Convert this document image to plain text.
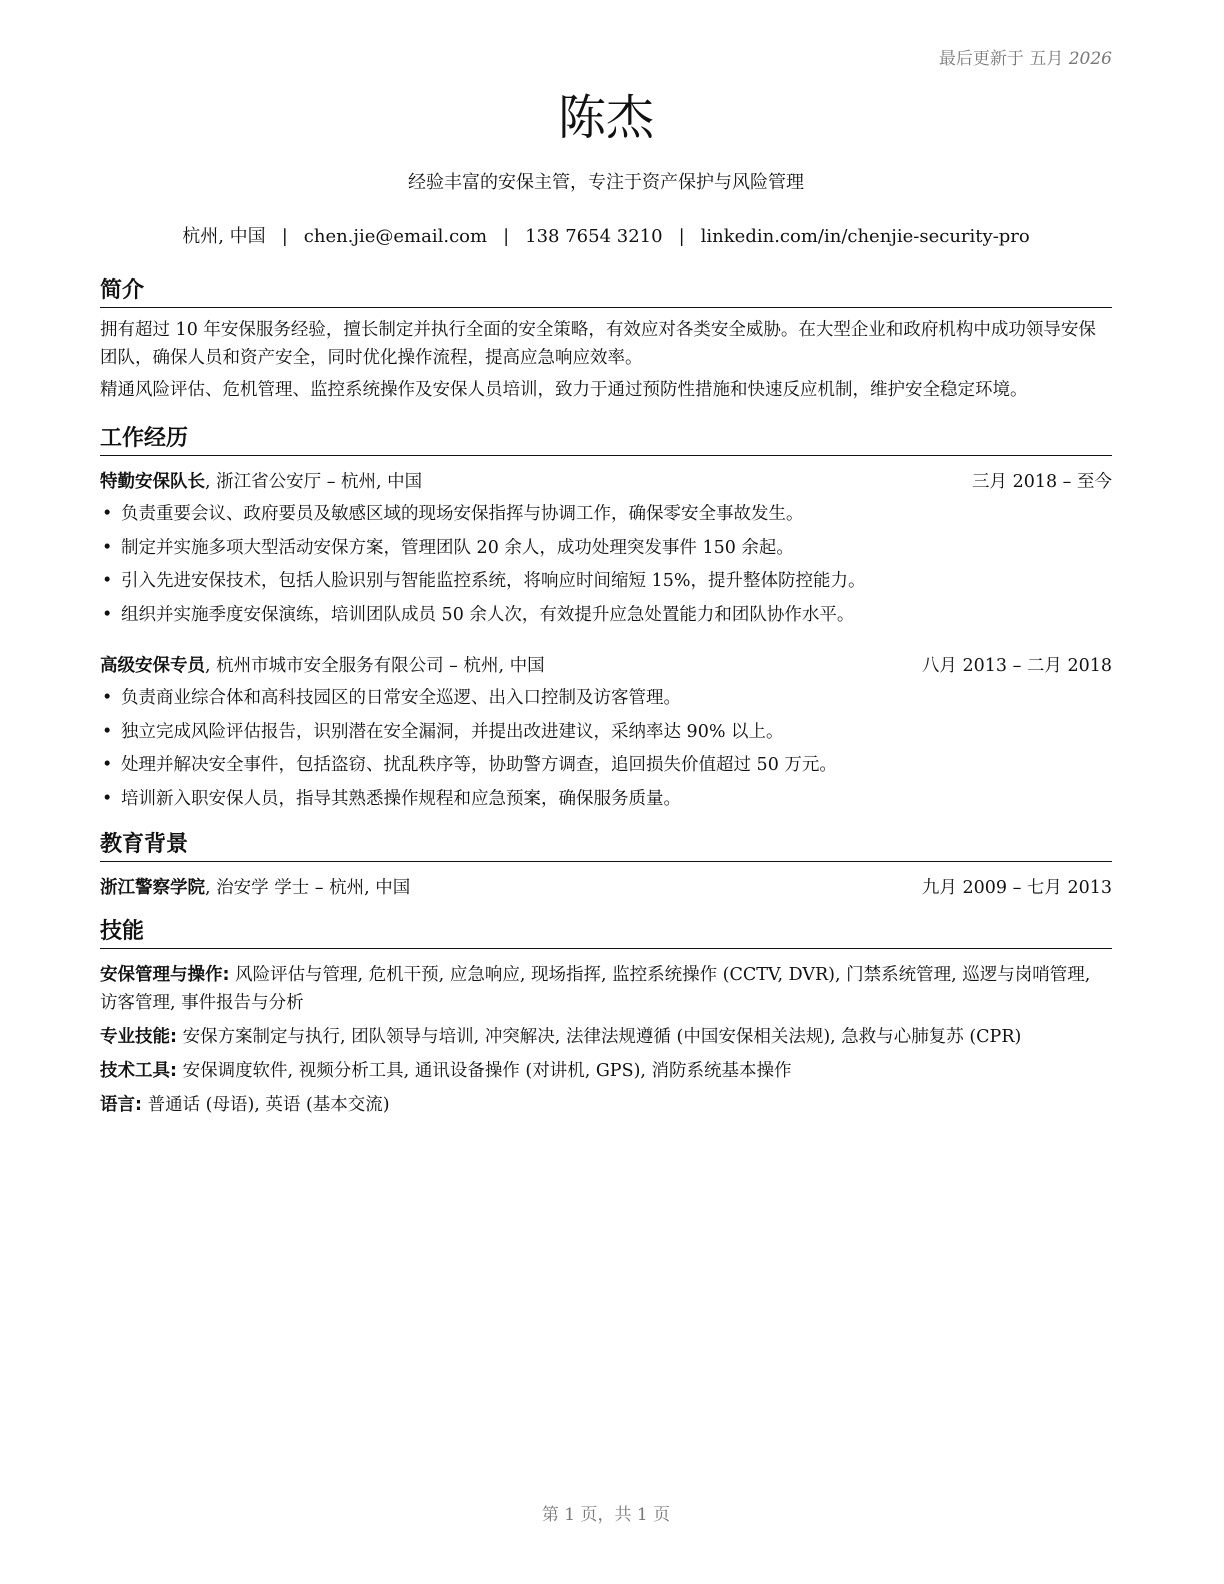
最后更新于 五月 2026
陈杰
经验丰富的安保主管，专注于资产保护与风险管理
杭州, 中国 | chen.jie@email.com | 138 7654 3210 | linkedin.com/in/chenjie-security-pro
简介

拥有超过 10 年安保服务经验，擅长制定并执行全面的安全策略，有效应对各类安全威胁。在大型企业和政府机构中成功领导安保团队，确保人员和资产安全，同时优化操作流程，提高应急响应效率。

精通风险评估、危机管理、监控系统操作及安保人员培训，致力于通过预防性措施和快速反应机制，维护安全稳定环境。

工作经历
特勤安保队长, 浙江省公安厅 – 杭州, 中国	三月 2018 – 至今
• 负责重要会议、政府要员及敏感区域的现场安保指挥与协调工作，确保零安全事故发生。
• 制定并实施多项大型活动安保方案，管理团队 20 余人，成功处理突发事件 150 余起。
• 引入先进安保技术，包括人脸识别与智能监控系统，将响应时间缩短 15%，提升整体防控能力。
• 组织并实施季度安保演练，培训团队成员 50 余人次，有效提升应急处置能力和团队协作水平。
高级安保专员, 杭州市城市安全服务有限公司 – 杭州, 中国	八月 2013 – 二月 2018
• 负责商业综合体和高科技园区的日常安全巡逻、出入口控制及访客管理。
• 独立完成风险评估报告，识别潜在安全漏洞，并提出改进建议，采纳率达 90% 以上。
• 处理并解决安全事件，包括盗窃、扰乱秩序等，协助警方调查，追回损失价值超过 50 万元。
• 培训新入职安保人员，指导其熟悉操作规程和应急预案，确保服务质量。
教育背景
浙江警察学院, 治安学 学士 – 杭州, 中国	九月 2009 – 七月 2013
技能

安保管理与操作: 风险评估与管理, 危机干预, 应急响应, 现场指挥, 监控系统操作 (CCTV, DVR), 门禁系统管理, 巡逻与岗哨管理, 访客管理, 事件报告与分析

专业技能: 安保方案制定与执行, 团队领导与培训, 冲突解决, 法律法规遵循 (中国安保相关法规), 急救与心肺复苏 (CPR)

技术工具: 安保调度软件, 视频分析工具, 通讯设备操作 (对讲机, GPS), 消防系统基本操作

语言: 普通话 (母语), 英语 (基本交流)

第 1 页，共 1 页
